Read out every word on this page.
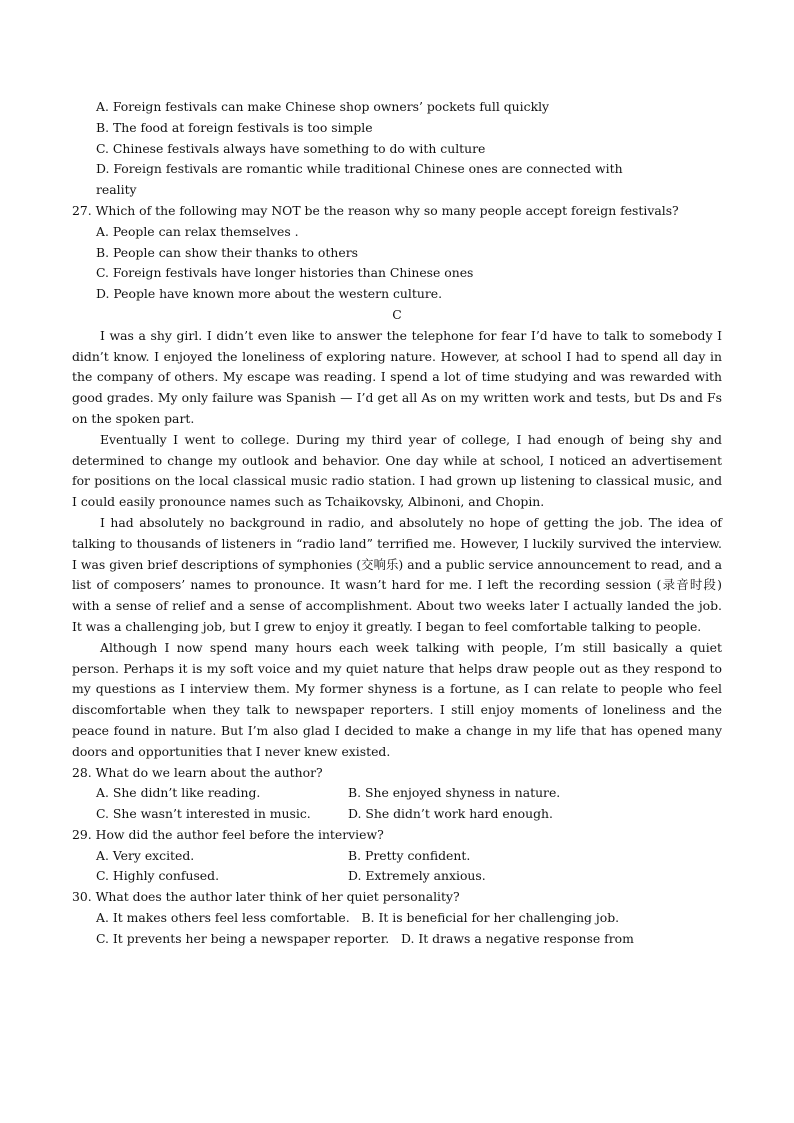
A. Foreign festivals can make Chinese shop owners’ pockets full quickly
B. The food at foreign festivals is too simple
C. Chinese festivals always have something to do with culture
D. Foreign festivals are romantic while traditional Chinese ones are connected with
reality
27. Which of the following may NOT be the reason why so many people accept foreign festivals?
A. People can relax themselves .
B. People can show their thanks to others
C. Foreign festivals have longer histories than Chinese ones
D. People have known more about the western culture.
C
I was a shy girl. I didn’t even like to answer the telephone for fear I’d have to talk to somebody I didn’t know. I enjoyed the loneliness of exploring nature. However, at school I had to spend all day in the company of others. My escape was reading. I spend a lot of time studying and was rewarded with good grades. My only failure was Spanish — I’d get all As on my written work and tests, but Ds and Fs on the spoken part.
Eventually I went to college. During my third year of college, I had enough of being shy and determined to change my outlook and behavior. One day while at school, I noticed an advertisement for positions on the local classical music radio station. I had grown up listening to classical music, and I could easily pronounce names such as Tchaikovsky, Albinoni, and Chopin.
I had absolutely no background in radio, and absolutely no hope of getting the job. The idea of talking to thousands of listeners in “radio land” terrified me. However, I luckily survived the interview. I was given brief descriptions of symphonies (交响乐) and a public service announcement to read, and a list of composers’ names to pronounce. It wasn’t hard for me. I left the recording session (录音时段) with a sense of relief and a sense of accomplishment. About two weeks later I actually landed the job. It was a challenging job, but I grew to enjoy it greatly. I began to feel comfortable talking to people.
Although I now spend many hours each week talking with people, I’m still basically a quiet person. Perhaps it is my soft voice and my quiet nature that helps draw people out as they respond to my questions as I interview them. My former shyness is a fortune, as I can relate to people who feel discomfortable when they talk to newspaper reporters. I still enjoy moments of loneliness and the peace found in nature. But I’m also glad I decided to make a change in my life that has opened many doors and opportunities that I never knew existed.
28. What do we learn about the author?
A. She didn’t like reading.	B. She enjoyed shyness in nature.
C. She wasn’t interested in music.	D. She didn’t work hard enough.
29. How did the author feel before the interview?
A. Very excited.	B. Pretty confident.
C. Highly confused.	D. Extremely anxious.
30. What does the author later think of her quiet personality?
A. It makes others feel less comfortable.   B. It is beneficial for her challenging job.
C. It prevents her being a newspaper reporter.   D. It draws a negative response from
